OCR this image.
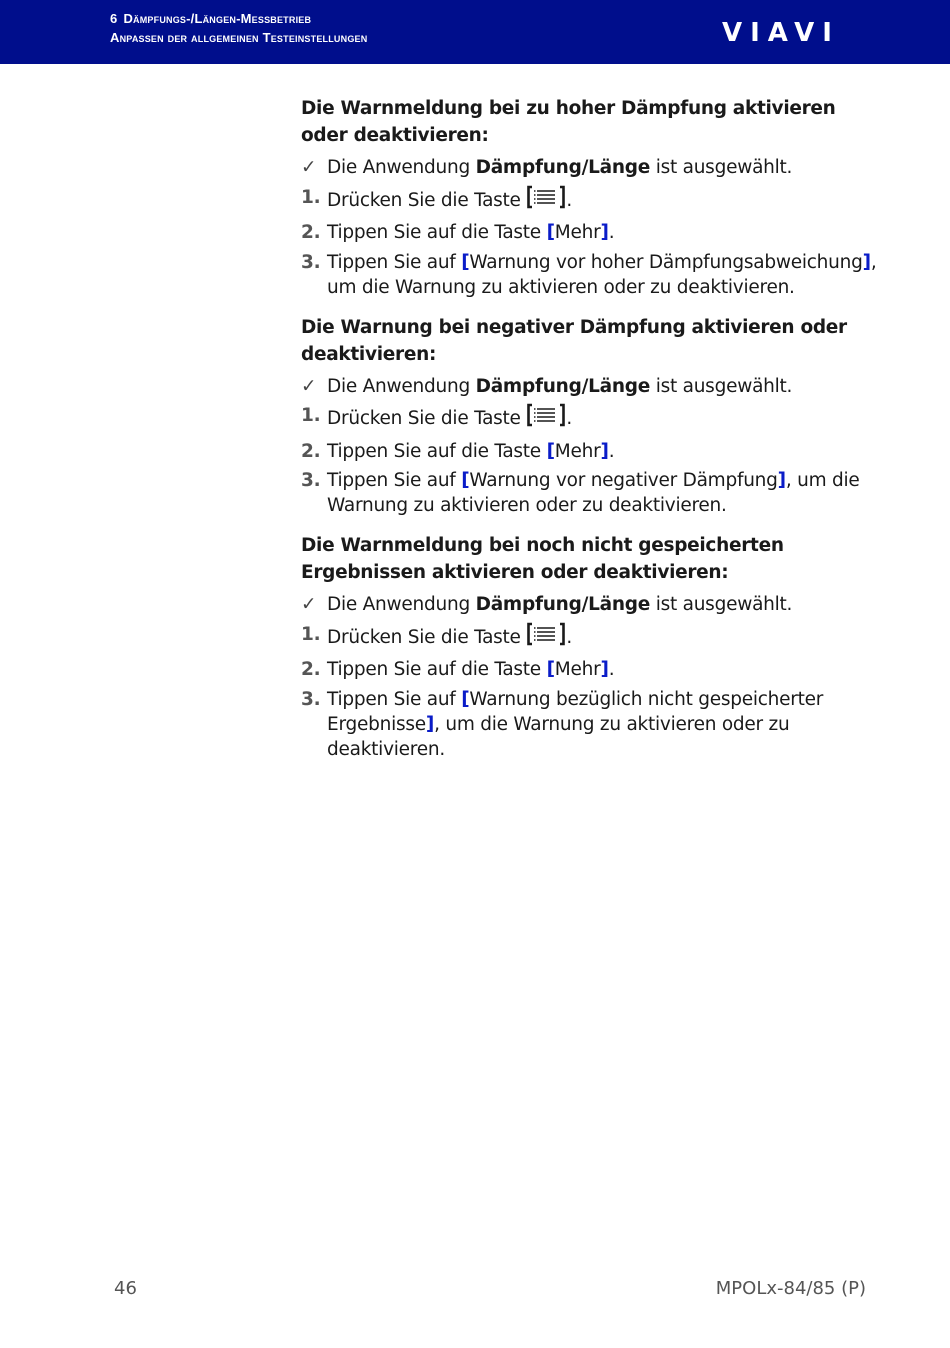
6 Dämpfungs-/Längen-Messbetrieb
Anpassen der allgemeinen Testeinstellungen	VIAVI
Die Warnmeldung bei zu hoher Dämpfung aktivieren oder deaktivieren:
✓ Die Anwendung Dämpfung/Länge ist ausgewählt.
1. Drücken Sie die Taste .
2. Tippen Sie auf die Taste [Mehr].
3. Tippen Sie auf [Warnung vor hoher Dämpfungsabweichung], um die Warnung zu aktivieren oder zu deaktivieren.
Die Warnung bei negativer Dämpfung aktivieren oder deaktivieren:
✓ Die Anwendung Dämpfung/Länge ist ausgewählt.
1. Drücken Sie die Taste .
2. Tippen Sie auf die Taste [Mehr].
3. Tippen Sie auf [Warnung vor negativer Dämpfung], um die Warnung zu aktivieren oder zu deaktivieren.
Die Warnmeldung bei noch nicht gespeicherten Ergebnissen aktivieren oder deaktivieren:
✓ Die Anwendung Dämpfung/Länge ist ausgewählt.
1. Drücken Sie die Taste .
2. Tippen Sie auf die Taste [Mehr].
3. Tippen Sie auf [Warnung bezüglich nicht gespeicherter Ergebnisse], um die Warnung zu aktivieren oder zu deaktivieren.
46	MPOLx-84/85 (P)
